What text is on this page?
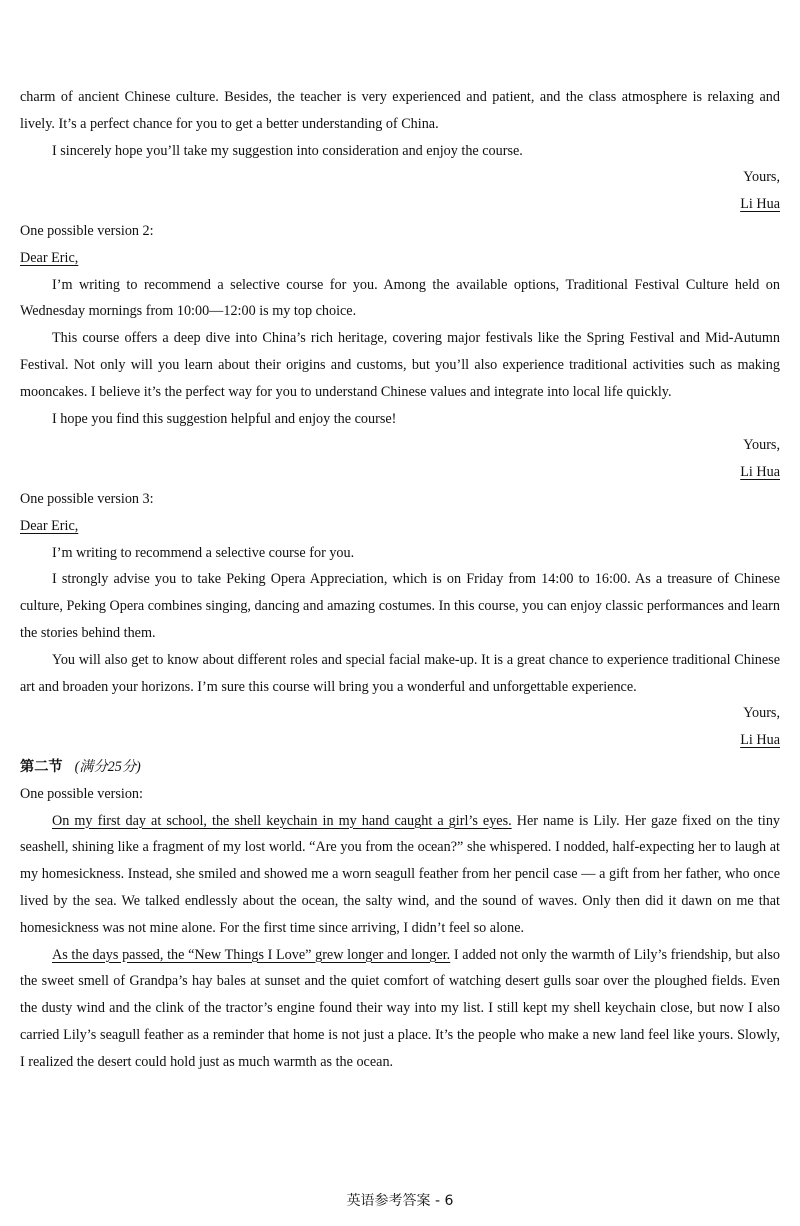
charm of ancient Chinese culture. Besides, the teacher is very experienced and patient, and the class atmosphere is relaxing and lively. It’s a perfect chance for you to get a better understanding of China.

I sincerely hope you’ll take my suggestion into consideration and enjoy the course.

Yours,

Li Hua

One possible version 2:

Dear Eric,

I’m writing to recommend a selective course for you. Among the available options, Traditional Festival Culture held on Wednesday mornings from 10:00—12:00 is my top choice.

This course offers a deep dive into China’s rich heritage, covering major festivals like the Spring Festival and Mid-Autumn Festival. Not only will you learn about their origins and customs, but you’ll also experience traditional activities such as making mooncakes. I believe it’s the perfect way for you to understand Chinese values and integrate into local life quickly.

I hope you find this suggestion helpful and enjoy the course!

Yours,

Li Hua

One possible version 3:

Dear Eric,

I’m writing to recommend a selective course for you.

I strongly advise you to take Peking Opera Appreciation, which is on Friday from 14:00 to 16:00. As a treasure of Chinese culture, Peking Opera combines singing, dancing and amazing costumes. In this course, you can enjoy classic performances and learn the stories behind them.

You will also get to know about different roles and special facial make-up. It is a great chance to experience traditional Chinese art and broaden your horizons. I’m sure this course will bring you a wonderful and unforgettable experience.

Yours,

Li Hua

第二节 (满分25分)

One possible version:

On my first day at school, the shell keychain in my hand caught a girl’s eyes. Her name is Lily. Her gaze fixed on the tiny seashell, shining like a fragment of my lost world. “Are you from the ocean?” she whispered. I nodded, half-expecting her to laugh at my homesickness. Instead, she smiled and showed me a worn seagull feather from her pencil case — a gift from her father, who once lived by the sea. We talked endlessly about the ocean, the salty wind, and the sound of waves. Only then did it dawn on me that homesickness was not mine alone. For the first time since arriving, I didn’t feel so alone.

As the days passed, the “New Things I Love” grew longer and longer. I added not only the warmth of Lily’s friendship, but also the sweet smell of Grandpa’s hay bales at sunset and the quiet comfort of watching desert gulls soar over the ploughed fields. Even the dusty wind and the clink of the tractor’s engine found their way into my list. I still kept my shell keychain close, but now I also carried Lily’s seagull feather as a reminder that home is not just a place. It’s the people who make a new land feel like yours. Slowly, I realized the desert could hold just as much warmth as the ocean.

英语参考答案 - 6
